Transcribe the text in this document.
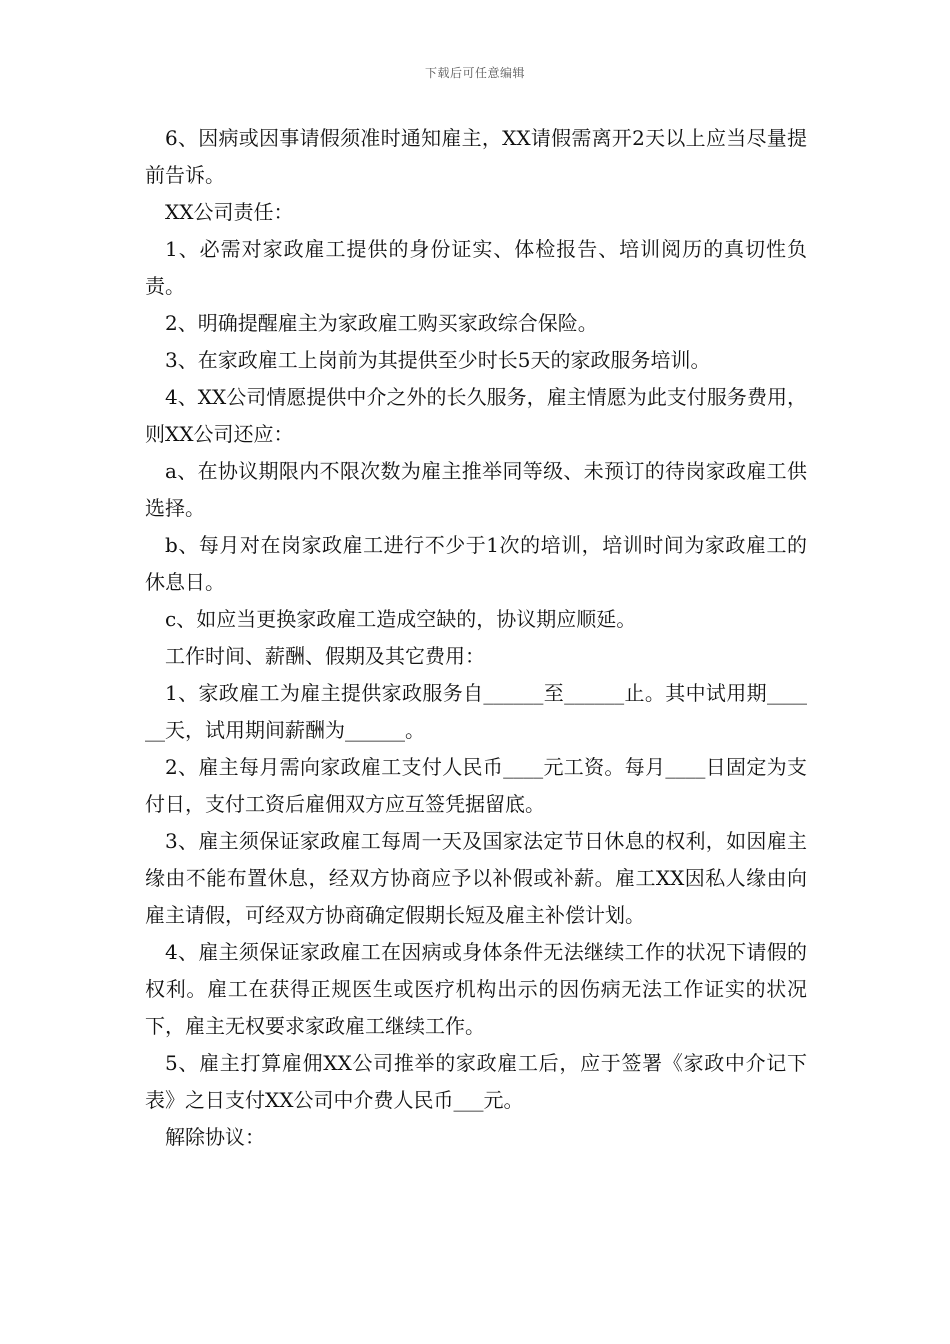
下载后可任意编辑

6、因病或因事请假须准时通知雇主，XX请假需离开2天以上应当尽量提前告诉。

XX公司责任：

1、必需对家政雇工提供的身份证实、体检报告、培训阅历的真切性负责。

2、明确提醒雇主为家政雇工购买家政综合保险。

3、在家政雇工上岗前为其提供至少时长5天的家政服务培训。

4、XX公司情愿提供中介之外的长久服务，雇主情愿为此支付服务费用，则XX公司还应：

a、在协议期限内不限次数为雇主推举同等级、未预订的待岗家政雇工供选择。

b、每月对在岗家政雇工进行不少于1次的培训，培训时间为家政雇工的休息日。

c、如应当更换家政雇工造成空缺的，协议期应顺延。

工作时间、薪酬、假期及其它费用：

1、家政雇工为雇主提供家政服务自______至______止。其中试用期______天，试用期间薪酬为______。

2、雇主每月需向家政雇工支付人民币____元工资。每月____日固定为支付日，支付工资后雇佣双方应互签凭据留底。

3、雇主须保证家政雇工每周一天及国家法定节日休息的权利，如因雇主缘由不能布置休息，经双方协商应予以补假或补薪。雇工XX因私人缘由向雇主请假，可经双方协商确定假期长短及雇主补偿计划。

4、雇主须保证家政雇工在因病或身体条件无法继续工作的状况下请假的权利。雇工在获得正规医生或医疗机构出示的因伤病无法工作证实的状况下，雇主无权要求家政雇工继续工作。

5、雇主打算雇佣XX公司推举的家政雇工后，应于签署《家政中介记下表》之日支付XX公司中介费人民币___元。

解除协议：
